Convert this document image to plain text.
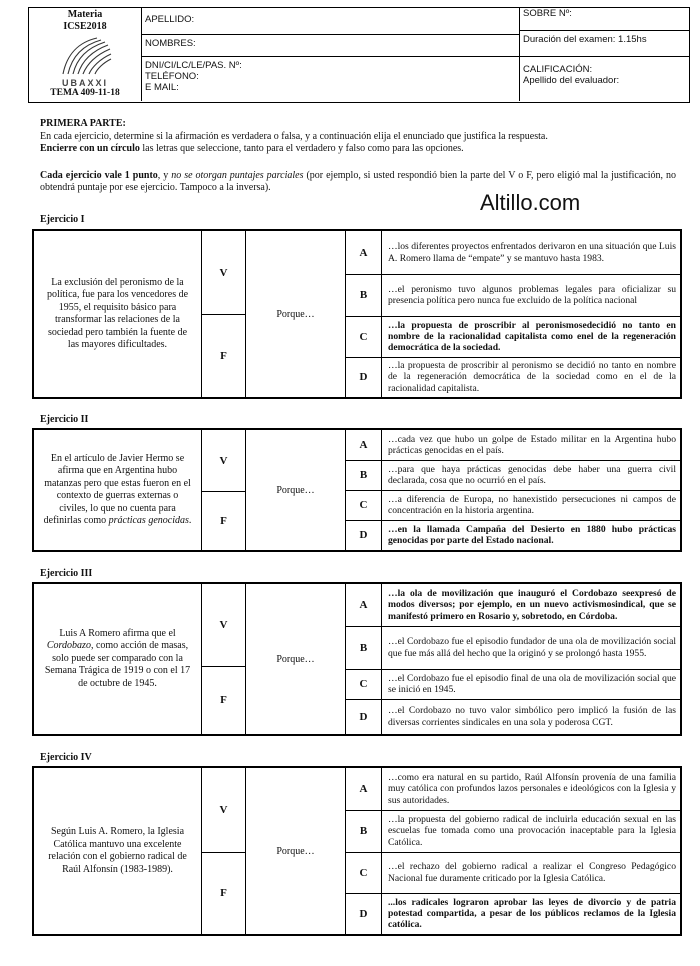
Materia
ICSE2018
UBAXXI
TEMA 409-11-18
APELLIDO:
NOMBRES:
DNI/CI/LC/LE/PAS. Nº:
TELÉFONO:
E MAIL:
SOBRE Nº:
Duración del examen: 1.15hs
CALIFICACIÓN:
Apellido del evaluador:
PRIMERA PARTE:
En cada ejercicio, determine si la afirmación es verdadera o falsa, y a continuación elija el enunciado que justifica la respuesta.
Encierre con un círculo las letras que seleccione, tanto para el verdadero y falso como para las opciones.
Cada ejercicio vale 1 punto, y no se otorgan puntajes parciales (por ejemplo, si usted respondió bien la parte del V o F, pero eligió mal la justificación, no obtendrá puntaje por ese ejercicio. Tampoco a la inversa).
Altillo.com
Ejercicio I
La exclusión del peronismo de la política, fue para los vencedores de 1955, el requisito básico para transformar las relaciones de la sociedad pero también la fuente de las mayores dificultades.
V
F
Porque…
A	…los diferentes proyectos enfrentados derivaron en una situación que Luis A. Romero llama de “empate” y se mantuvo hasta 1983.
B	…el peronismo tuvo algunos problemas legales para oficializar su presencia política pero nunca fue excluido de la política nacional
C
…la propuesta de proscribir al peronismosedecidió no tanto en nombre de la racionalidad capitalista como enel de la regeneración democrática de la sociedad.
D
…la propuesta de proscribir al peronismo se decidió no tanto en nombre de la regeneración democrática de la sociedad como en el de la racionalidad capitalista.
Ejercicio II
En el artículo de Javier Hermo se afirma que en Argentina hubo matanzas pero que estas fueron en el contexto de guerras externas o civiles, lo que no cuenta para definirlas como prácticas genocidas.
V
F
Porque…
A	…cada vez que hubo un golpe de Estado militar en la Argentina hubo prácticas genocidas en el país.
B	…para que haya prácticas genocidas debe haber una guerra civil declarada, cosa que no ocurrió en el país.
C	…a diferencia de Europa, no hanexistido persecuciones ni campos de concentración en la historia argentina.
D	…en la llamada Campaña del Desierto en 1880 hubo prácticas genocidas por parte del Estado nacional.
Ejercicio III
Luis A Romero afirma que el Cordobazo, como acción de masas, solo puede ser comparado con la Semana Trágica de 1919 o con el 17 de octubre de 1945.
V
F
Porque…
A
…la ola de movilización que inauguró el Cordobazo seexpresó de modos diversos; por ejemplo, en un nuevo activismosindical, que se manifestó primero en Rosario y, sobretodo, en Córdoba.
B	…el Cordobazo fue el episodio fundador de una ola de movilización social que fue más allá del hecho que la originó y se prolongó hasta 1955.
C	…el Cordobazo fue el episodio final de una ola de movilización social que se inició en 1945.
D	…el Cordobazo no tuvo valor simbólico pero implicó la fusión de las diversas corrientes sindicales en una sola y poderosa CGT.
Ejercicio IV
Según Luis A. Romero, la Iglesia Católica mantuvo una excelente relación con el gobierno radical de Raúl Alfonsín (1983-1989).
V
F
Porque…
A
…como era natural en su partido, Raúl Alfonsín provenía de una familia muy católica con profundos lazos personales e ideológicos con la Iglesia y sus autoridades.
B
…la propuesta del gobierno radical de incluirla educación sexual en las escuelas fue tomada como una provocación inaceptable para la Iglesia Católica.
C	…el rechazo del gobierno radical a realizar el Congreso Pedagógico Nacional fue duramente criticado por la Iglesia Católica.
D
...los radicales lograron aprobar las leyes de divorcio y de patria potestad compartida, a pesar de los públicos reclamos de la Iglesia católica.
